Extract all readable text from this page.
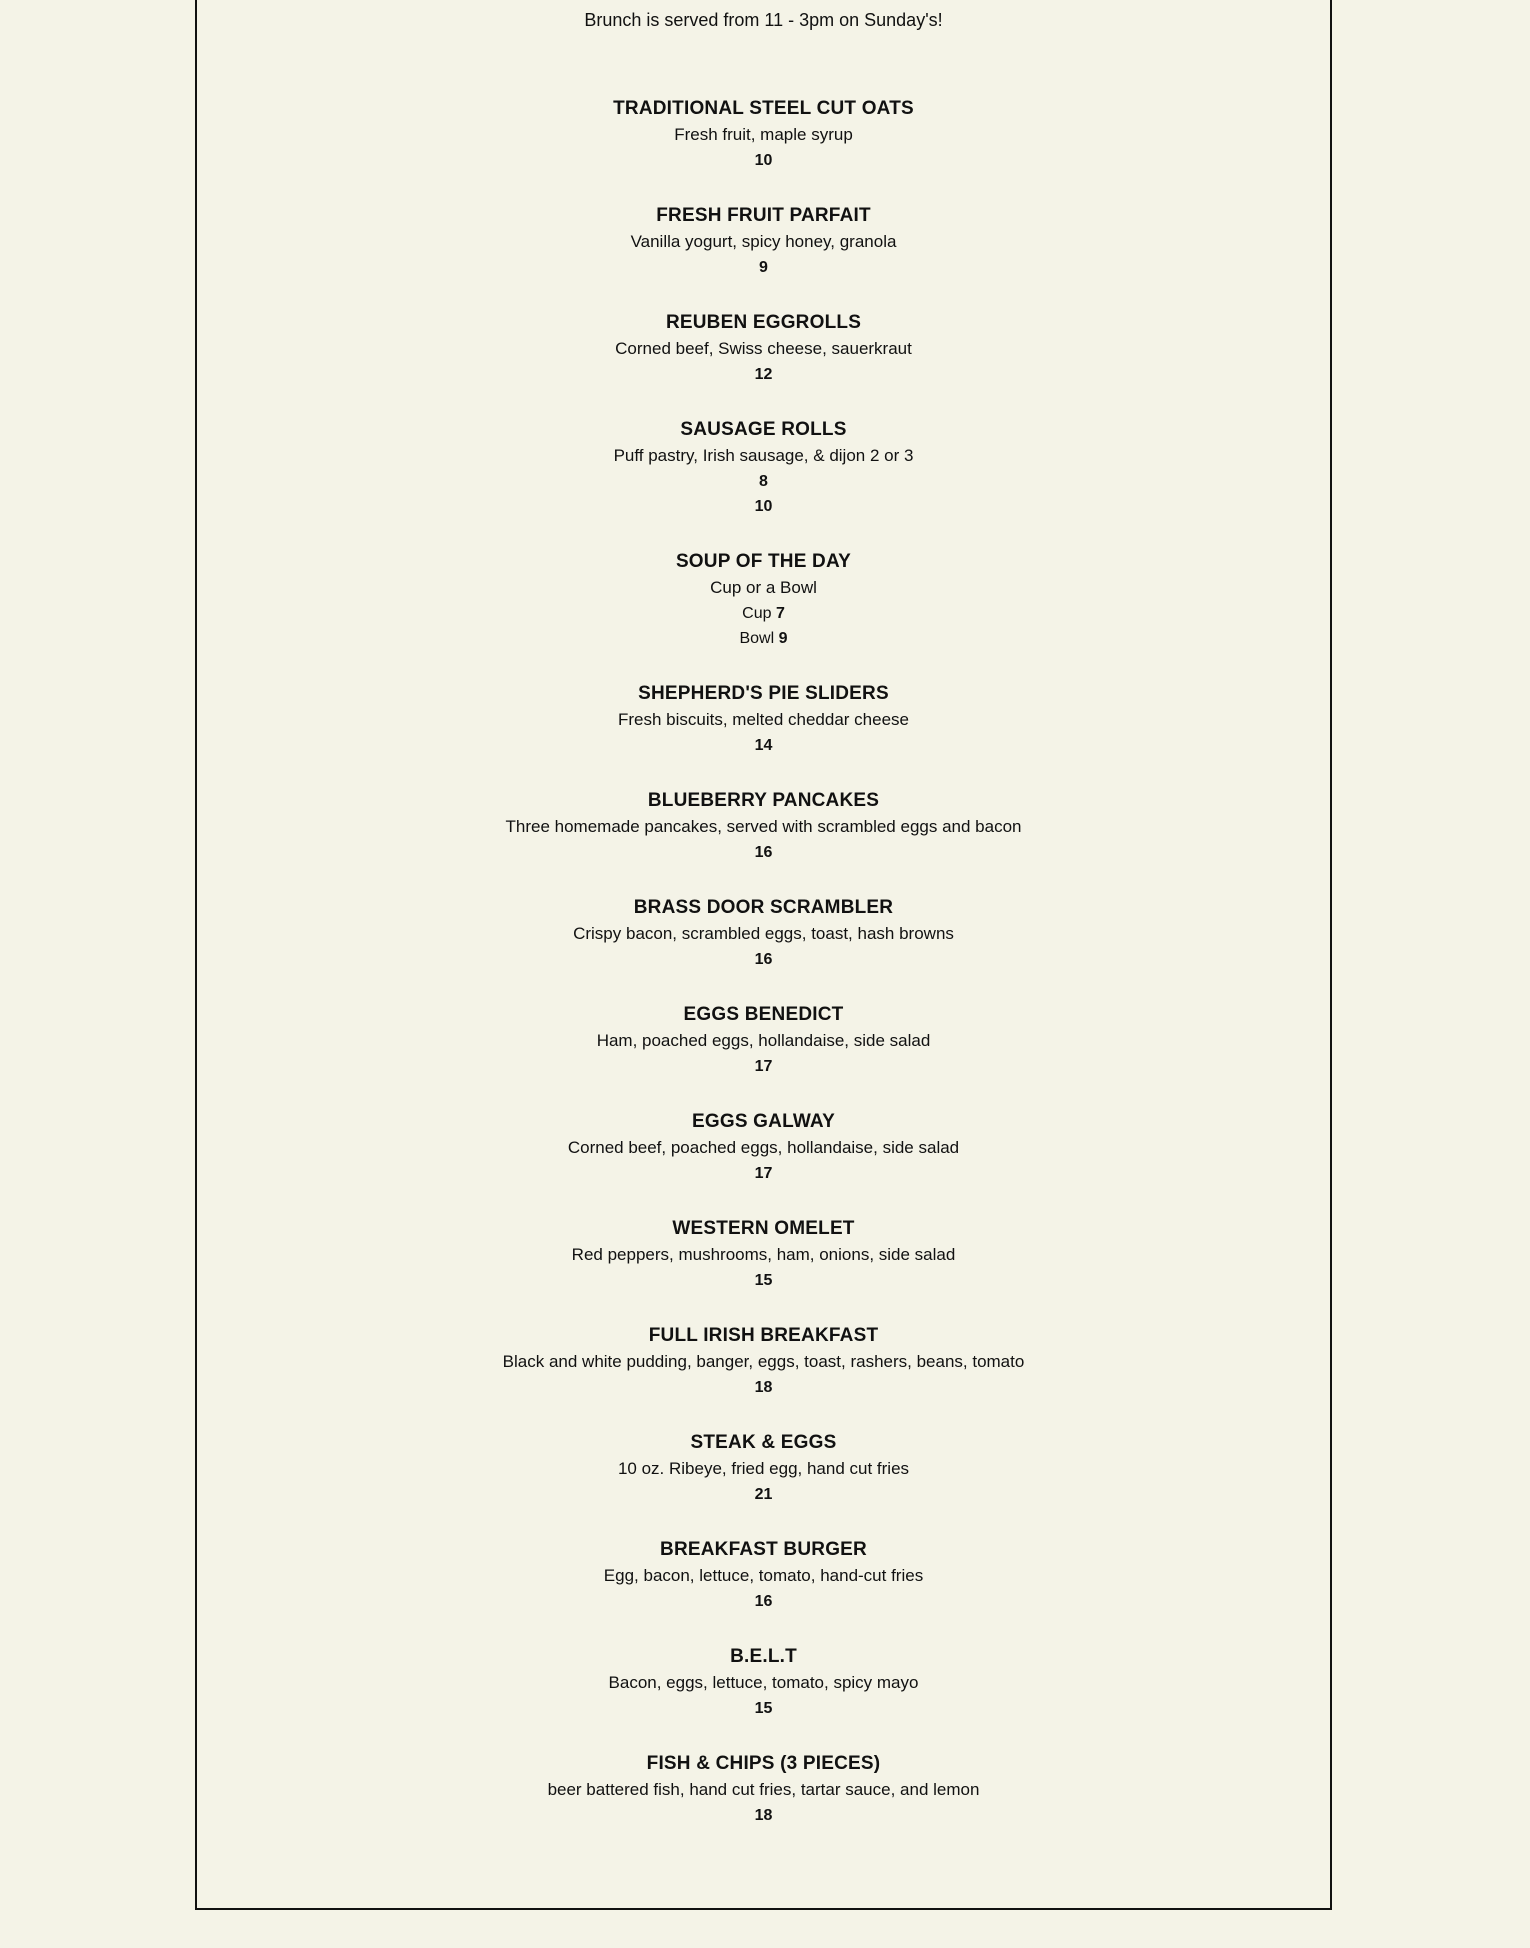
Brunch is served from 11 - 3pm on Sunday's!
TRADITIONAL STEEL CUT OATS
Fresh fruit, maple syrup
10
FRESH FRUIT PARFAIT
Vanilla yogurt, spicy honey, granola
9
REUBEN EGGROLLS
Corned beef, Swiss cheese, sauerkraut
12
SAUSAGE ROLLS
Puff pastry, Irish sausage, & dijon 2 or 3
8
10
SOUP OF THE DAY
Cup or a Bowl
Cup 7
Bowl 9
SHEPHERD'S PIE SLIDERS
Fresh biscuits, melted cheddar cheese
14
BLUEBERRY PANCAKES
Three homemade pancakes, served with scrambled eggs and bacon
16
BRASS DOOR SCRAMBLER
Crispy bacon, scrambled eggs, toast, hash browns
16
EGGS BENEDICT
Ham, poached eggs, hollandaise, side salad
17
EGGS GALWAY
Corned beef, poached eggs, hollandaise, side salad
17
WESTERN OMELET
Red peppers, mushrooms, ham, onions, side salad
15
FULL IRISH BREAKFAST
Black and white pudding, banger, eggs, toast, rashers, beans, tomato
18
STEAK & EGGS
10 oz. Ribeye, fried egg, hand cut fries
21
BREAKFAST BURGER
Egg, bacon, lettuce, tomato, hand-cut fries
16
B.E.L.T
Bacon, eggs, lettuce, tomato, spicy mayo
15
FISH & CHIPS (3 PIECES)
beer battered fish, hand cut fries, tartar sauce, and lemon
18
